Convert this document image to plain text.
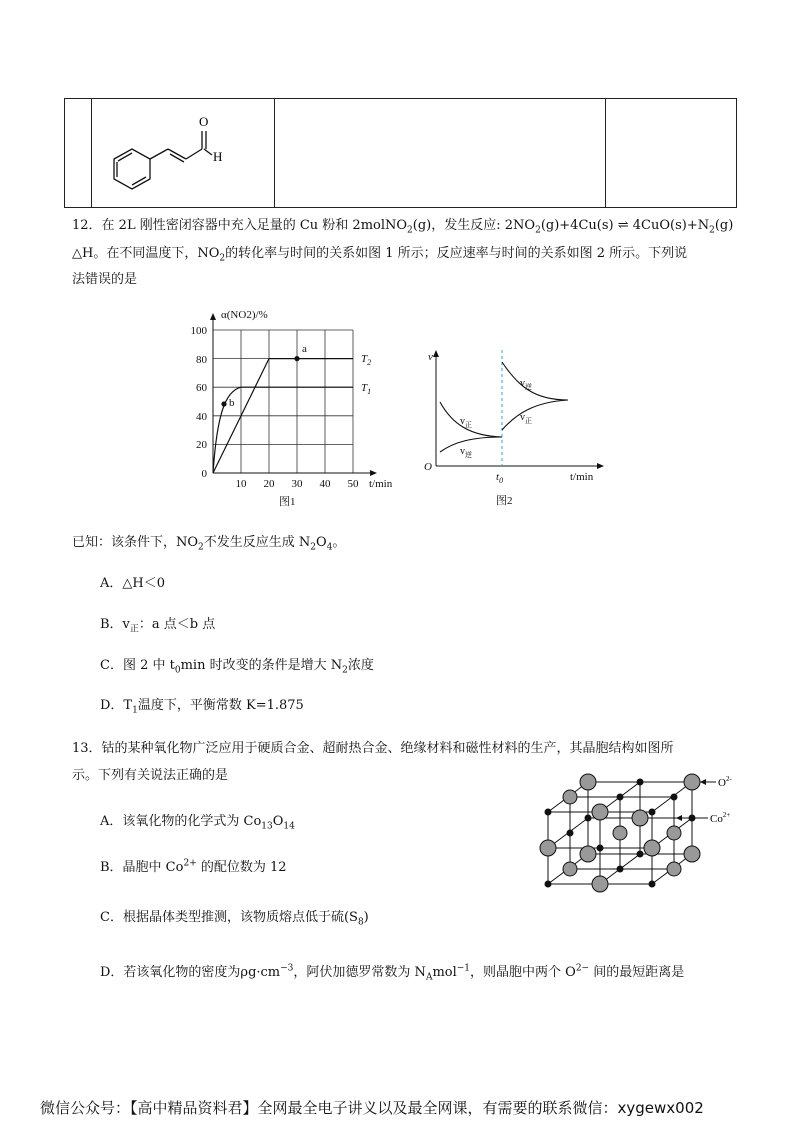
O
H

12．在 2L 刚性密闭容器中充入足量的 Cu 粉和 2molNO$_2$(g)，发生反应: $2NO_2(g)+4Cu(s)$ ⇌ $4CuO(s)+N_2(g)$
△H。在不同温度下，$NO_2$的转化率与时间的关系如图 1 所示；反应速率与时间的关系如图 2 所示。下列说
法错误的是
a
b
$T_2$
$T_1$
0
20
40
60
80
100
10 20 30 40 50
α(NO2)/%
t/min
图1
v
O
$t_0$	t/min
$v_正$
$v_逆$
$v_逆$
$v_正$
图2
已知：该条件下，$NO_2$不发生反应生成 $N_2O_4$。
A．△H＜0
B．$v_正$：a 点＜b 点
C．图 2 中 $t_0\min$ 时改变的条件是增大 $N_2$浓度
D．$T_1$温度下，平衡常数 K=1.875
13．钴的某种氧化物广泛应用于硬质合金、超耐热合金、绝缘材料和磁性材料的生产，其晶胞结构如图所
示。下列有关说法正确的是
A．该氧化物的化学式为 $Co_{13}O_{14}$
B．晶胞中 $Co^{2+}$ 的配位数为 12
C．根据晶体类型推测，该物质熔点低于硫$(S_8)$
D．若该氧化物的密度为$\rho g\cdot cm^{-3}$，阿伏加德罗常数为 $N_Amol^{-1}$，则晶胞中两个 $O^{2-}$ 间的最短距离是
$O^{2-}$
$Co^{2+}$
微信公众号：【高中精品资料君】全网最全电子讲义以及最全网课，有需要的联系微信：xygewx002
